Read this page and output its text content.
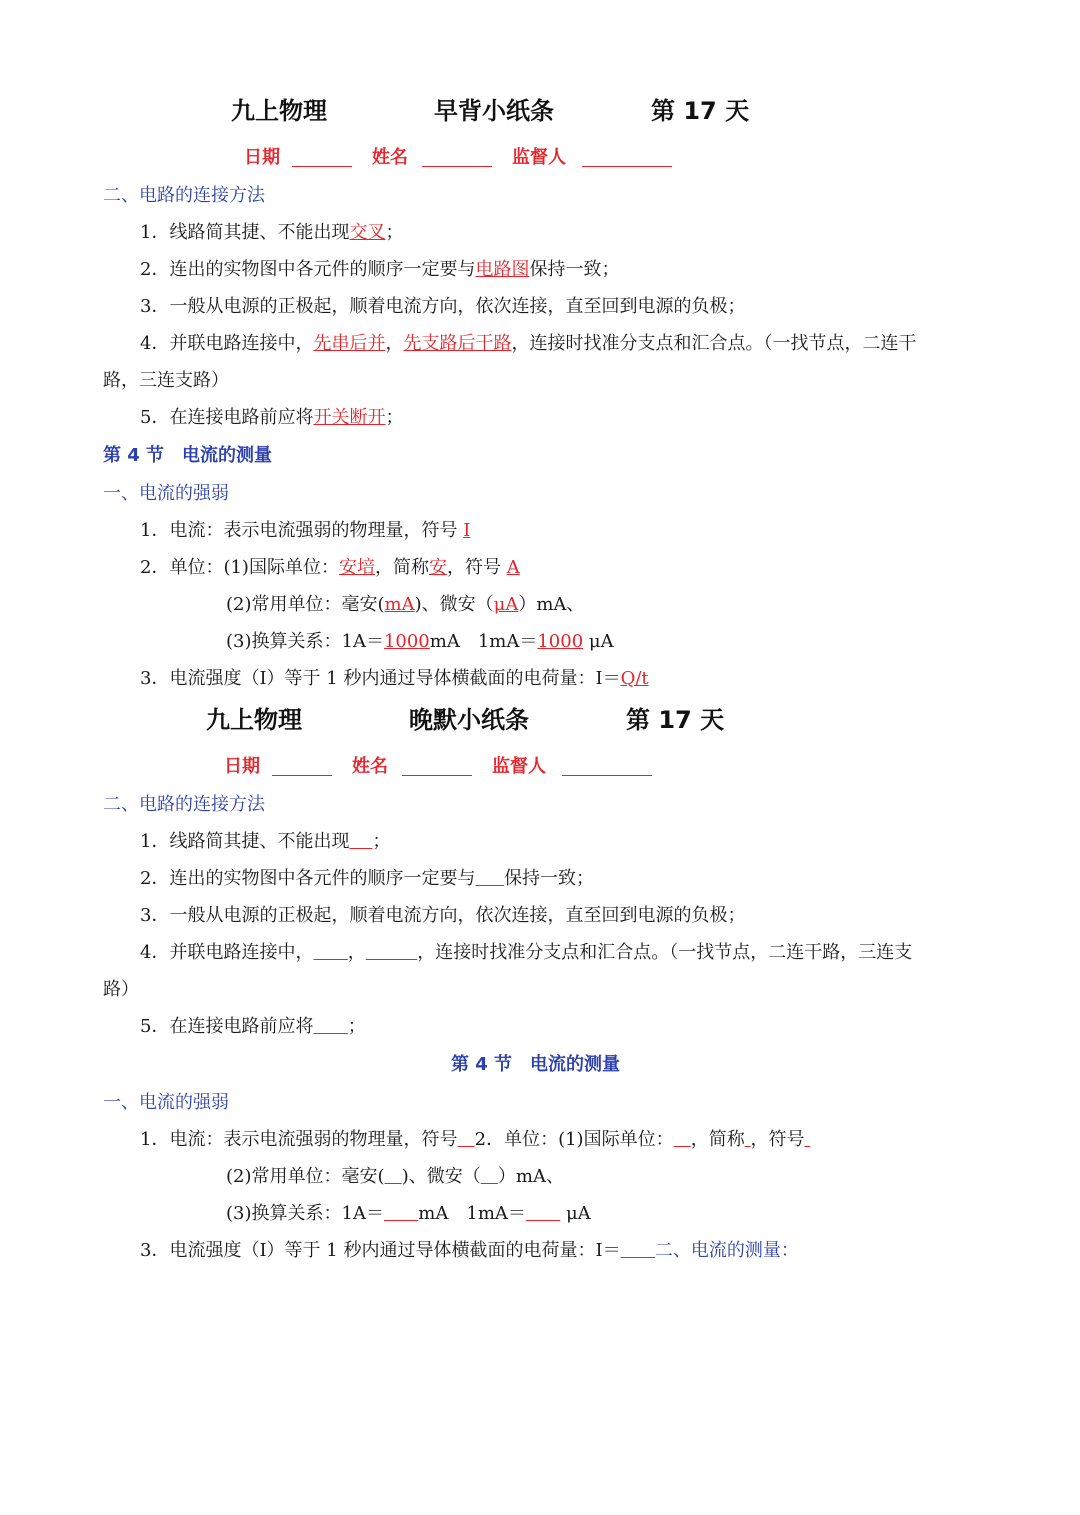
九上物理	早背小纸条	第 17 天
日期	姓名	监督人
二、电路的连接方法
1．线路简其捷、不能出现交叉；
2．连出的实物图中各元件的顺序一定要与电路图保持一致；
3．一般从电源的正极起，顺着电流方向，依次连接，直至回到电源的负极；
4．并联电路连接中，先串后并，先支路后干路，连接时找准分支点和汇合点。（一找节点，二连干
路，三连支路）
5．在连接电路前应将开关断开；
第 4 节　电流的测量
一、电流的强弱
1．电流：表示电流强弱的物理量，符号 I
2．单位：(1)国际单位：安培，简称安，符号 A
(2)常用单位：毫安(mA)、微安（μA）mA、
(3)换算关系：1A＝1000mA　1mA＝1000 μA
3．电流强度（I）等于 1 秒内通过导体横截面的电荷量：I＝Q/t
九上物理	晚默小纸条	第 17 天
日期	姓名	监督人
二、电路的连接方法
1．线路简其捷、不能出现 ；
2．连出的实物图中各元件的顺序一定要与 保持一致；
3．一般从电源的正极起，顺着电流方向，依次连接，直至回到电源的负极；
4．并联电路连接中， ，	，连接时找准分支点和汇合点。（一找节点，二连干路，三连支
路）
5．在连接电路前应将 ；
第 4 节　电流的测量
一、电流的强弱
1．电流：表示电流强弱的物理量，符号 2．单位：(1)国际单位： ，简称 ，符号
(2)常用单位：毫安( )、微安（ ）mA、
(3)换算关系：1A＝ mA　1mA＝ μA
3．电流强度（I）等于 1 秒内通过导体横截面的电荷量：I＝ 二、电流的测量：
